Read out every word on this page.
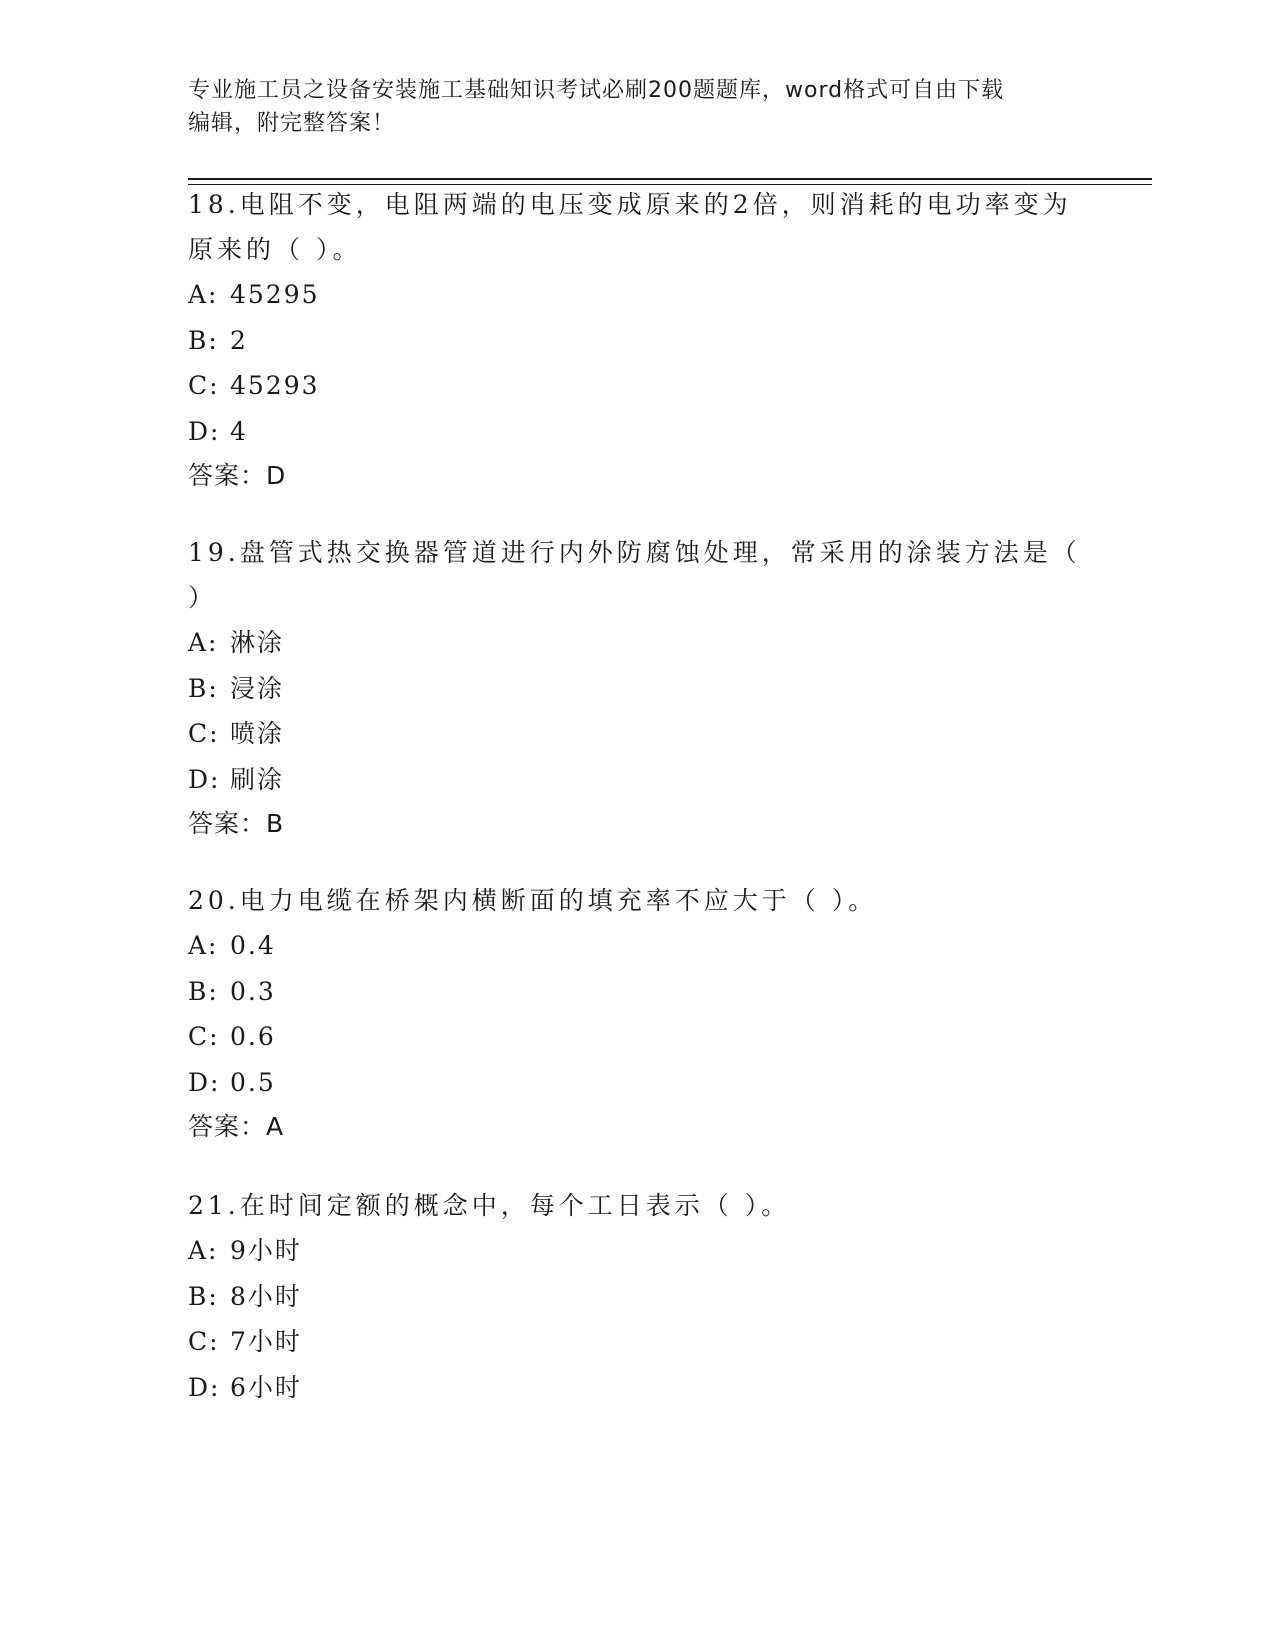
专业施工员之设备安装施工基础知识考试必刷200题题库，word格式可自由下载
编辑，附完整答案！
18.电阻不变，电阻两端的电压变成原来的2倍，则消耗的电功率变为
原来的（ ）。
A: 45295
B: 2
C: 45293
D: 4
答案：D
19.盘管式热交换器管道进行内外防腐蚀处理，常采用的涂装方法是（
）
A: 淋涂
B: 浸涂
C: 喷涂
D: 刷涂
答案：B
20.电力电缆在桥架内横断面的填充率不应大于（ ）。
A: 0.4
B: 0.3
C: 0.6
D: 0.5
答案：A
21.在时间定额的概念中，每个工日表示（ ）。
A: 9小时
B: 8小时
C: 7小时
D: 6小时
